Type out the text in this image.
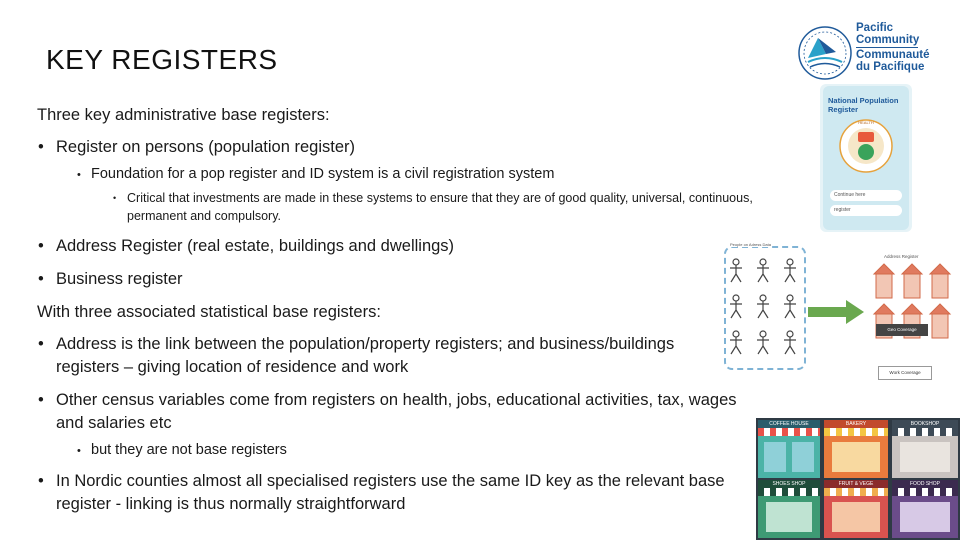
KEY REGISTERS
Three key administrative base registers:
• Register on persons (population register)
• Foundation for a pop register and ID system is a civil registration system
• Critical that investments are made in these systems to ensure that they are of good quality, universal, continuous, permanent and compulsory.
• Address Register (real estate, buildings and dwellings)
• Business register
With three associated statistical base registers:
• Address is the link between the population/property registers; and business/buildings registers – giving location of residence and work
• Other census variables come from registers on health, jobs, educational activities, tax, wages and salaries etc
• but they are not base registers
• In Nordic counties almost all specialised registers use the same ID key as the relevant base register - linking is thus normally straightforward
Pacific
Community
Communauté
du Pacifique
National Population Register
HEALTH
Continue here
register
People on Adress Data
Address Register
Geo Coverage
Work Coverage
COFFEE HOUSE	BAKERY	BOOKSHOP
SHOES SHOP	FRUIT & VEGE	FOOD SHOP
